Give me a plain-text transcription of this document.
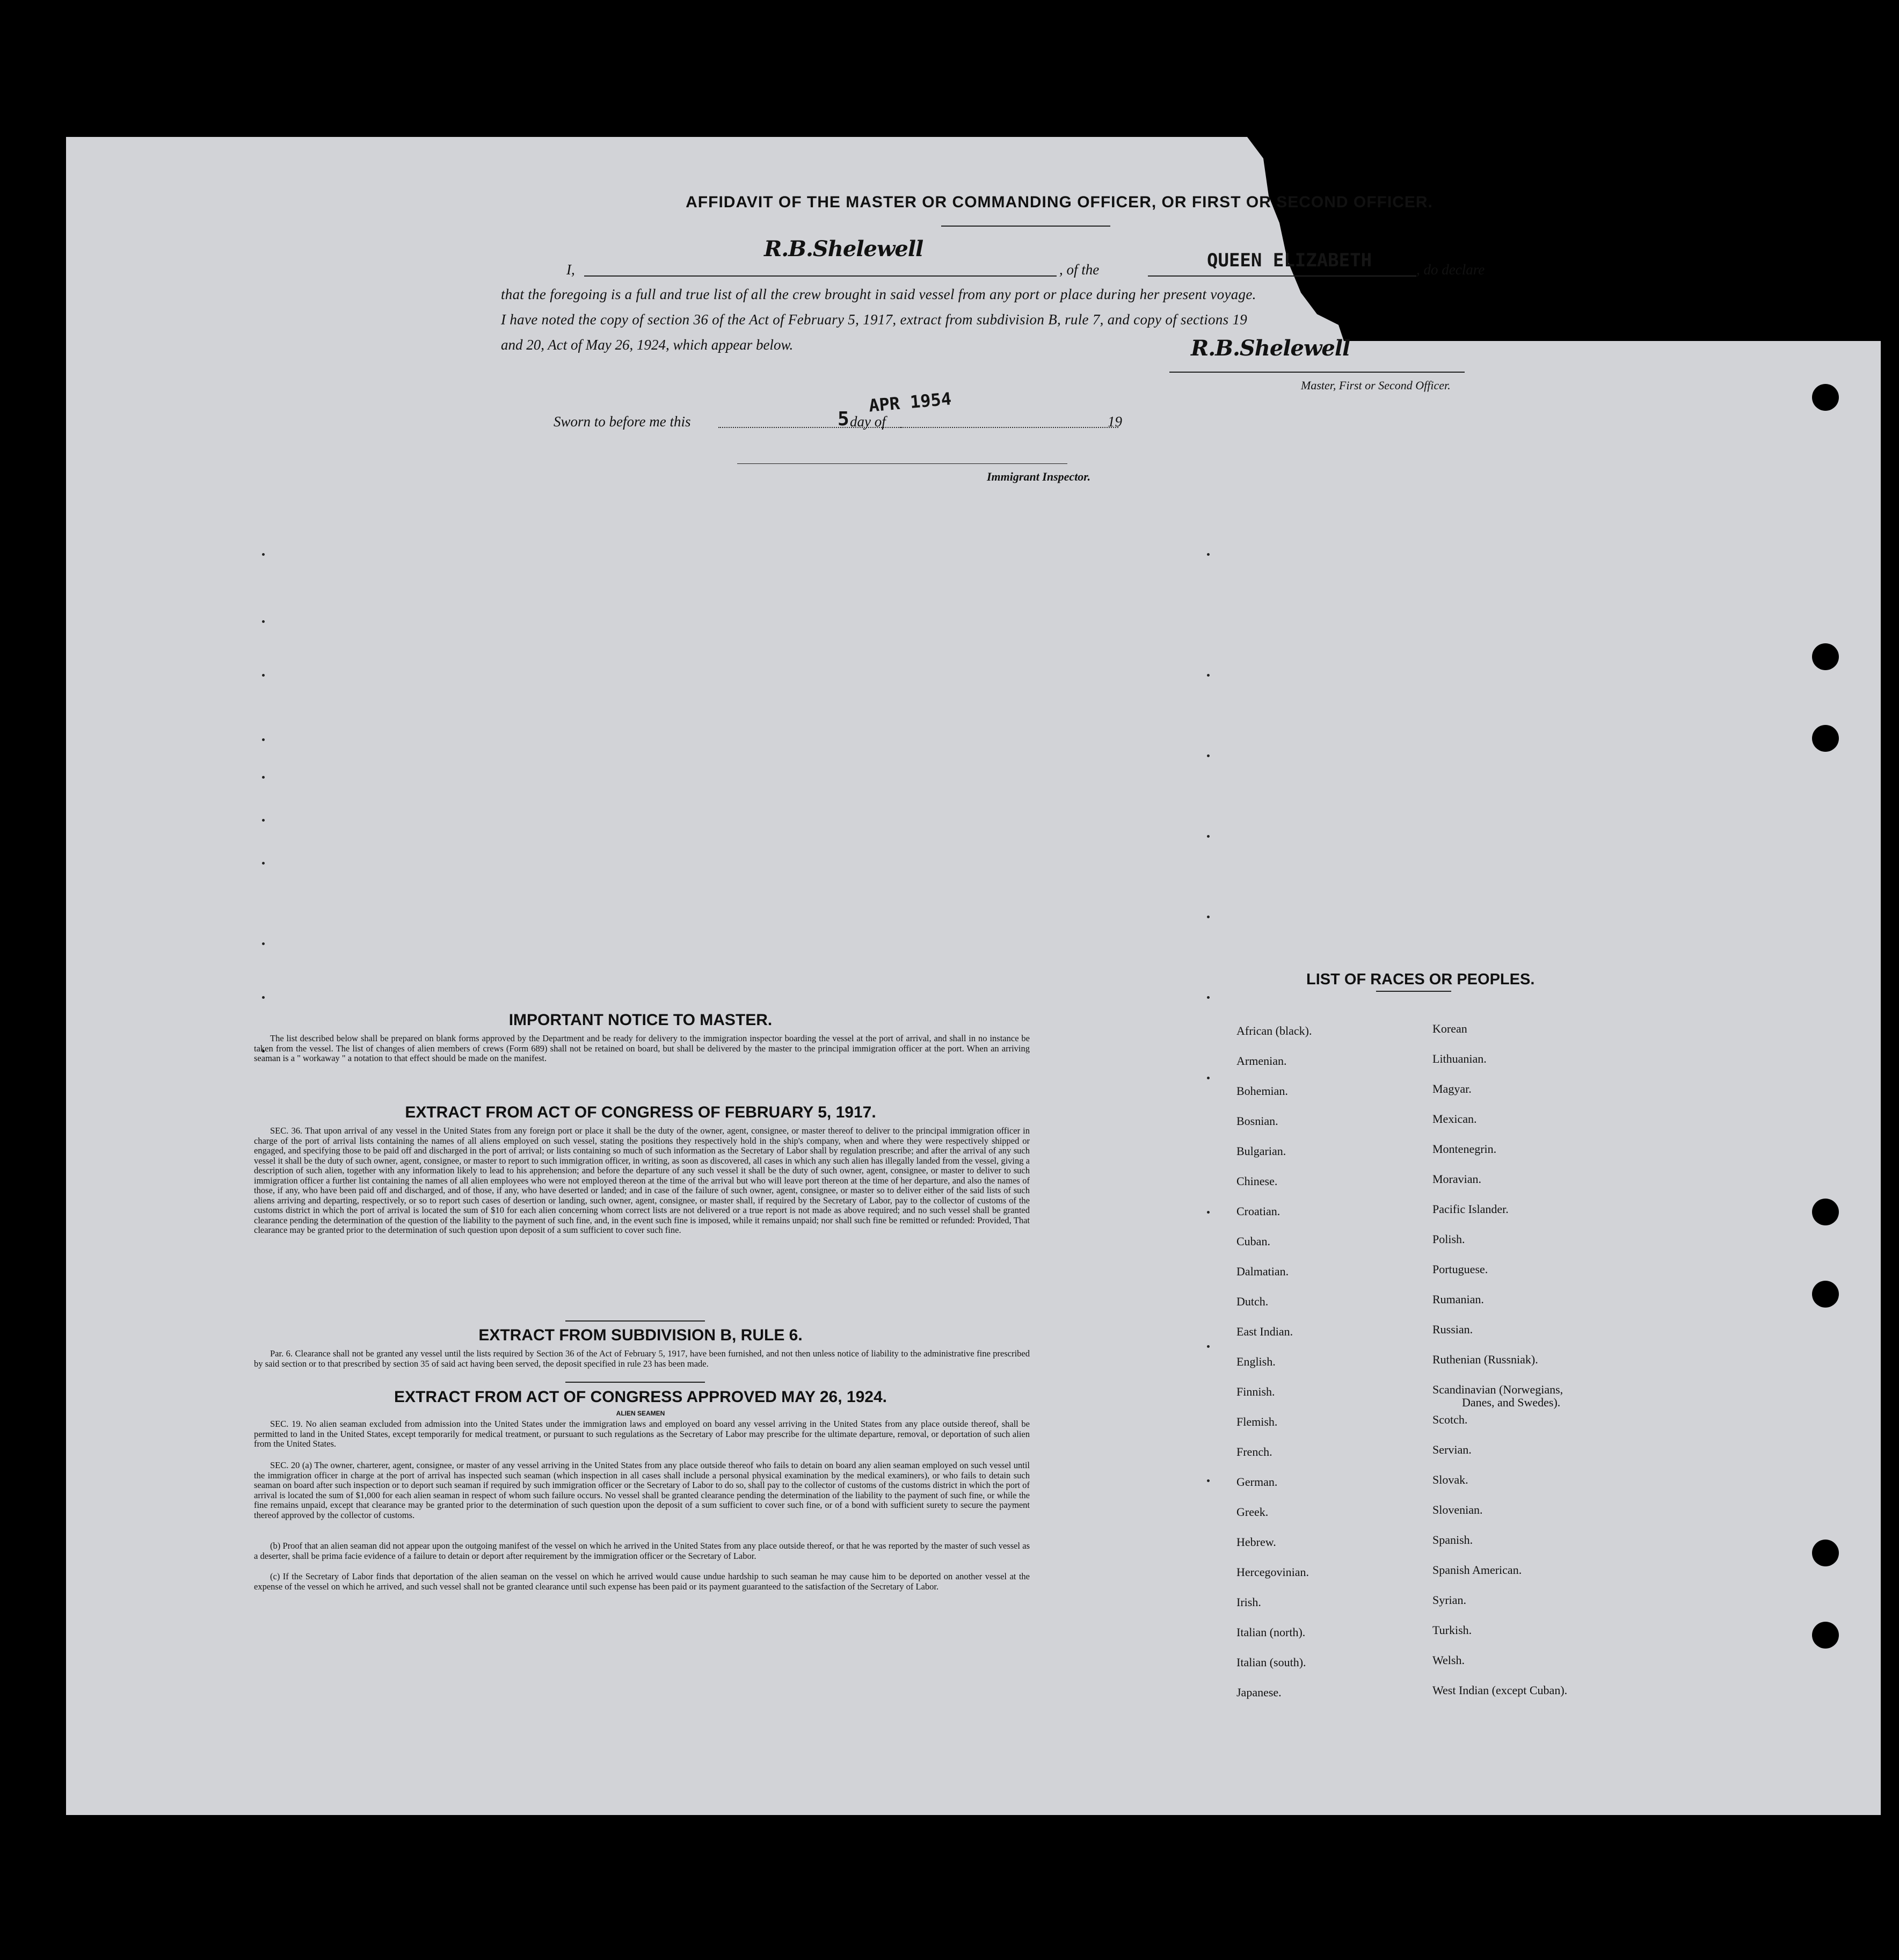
AFFIDAVIT OF THE MASTER OR COMMANDING OFFICER, OR FIRST OR SECOND OFFICER.
I,
R.B.Shelewell
, of the	QUEEN ELIZABETH	, do declare
that the foregoing is a full and true list of all the crew brought in said vessel from any port or place during her present voyage.
I have noted the copy of section 36 of the Act of February 5, 1917, extract from subdivision B, rule 7, and copy of sections 19
and 20, Act of May 26, 1924, which appear below.	R.B.Shelewell
Master, First or Second Officer.
Sworn to before me this	5 day of
APR 1954
19
Immigrant Inspector.
IMPORTANT NOTICE TO MASTER.
The list described below shall be prepared on blank forms approved by the Department and be ready for delivery to the immigration inspector boarding the vessel at the port of arrival, and shall in no instance be taken from the vessel. The list of changes of alien members of crews (Form 689) shall not be retained on board, but shall be delivered by the master to the principal immigration officer at the port. When an arriving seaman is a " workaway " a notation to that effect should be made on the manifest.
EXTRACT FROM ACT OF CONGRESS OF FEBRUARY 5, 1917.
SEC. 36. That upon arrival of any vessel in the United States from any foreign port or place it shall be the duty of the owner, agent, consignee, or master thereof to deliver to the principal immigration officer in charge of the port of arrival lists containing the names of all aliens employed on such vessel, stating the positions they respectively hold in the ship's company, when and where they were respectively shipped or engaged, and specifying those to be paid off and discharged in the port of arrival; or lists containing so much of such information as the Secretary of Labor shall by regulation prescribe; and after the arrival of any such vessel it shall be the duty of such owner, agent, consignee, or master to report to such immigration officer, in writing, as soon as discovered, all cases in which any such alien has illegally landed from the vessel, giving a description of such alien, together with any information likely to lead to his apprehension; and before the departure of any such vessel it shall be the duty of such owner, agent, consignee, or master to deliver to such immigration officer a further list containing the names of all alien employees who were not employed thereon at the time of the arrival but who will leave port thereon at the time of her departure, and also the names of those, if any, who have been paid off and discharged, and of those, if any, who have deserted or landed; and in case of the failure of such owner, agent, consignee, or master so to deliver either of the said lists of such aliens arriving and departing, respectively, or so to report such cases of desertion or landing, such owner, agent, consignee, or master shall, if required by the Secretary of Labor, pay to the collector of customs of the customs district in which the port of arrival is located the sum of $10 for each alien concerning whom correct lists are not delivered or a true report is not made as above required; and no such vessel shall be granted clearance pending the determination of the question of the liability to the payment of such fine, and, in the event such fine is imposed, while it remains unpaid; nor shall such fine be remitted or refunded: Provided, That clearance may be granted prior to the determination of such question upon deposit of a sum sufficient to cover such fine.
EXTRACT FROM SUBDIVISION B, RULE 6.
Par. 6. Clearance shall not be granted any vessel until the lists required by Section 36 of the Act of February 5, 1917, have been furnished, and not then unless notice of liability to the administrative fine prescribed by said section or to that prescribed by section 35 of said act having been served, the deposit specified in rule 23 has been made.
EXTRACT FROM ACT OF CONGRESS APPROVED MAY 26, 1924.
ALIEN SEAMEN
SEC. 19. No alien seaman excluded from admission into the United States under the immigration laws and employed on board any vessel arriving in the United States from any place outside thereof, shall be permitted to land in the United States, except temporarily for medical treatment, or pursuant to such regulations as the Secretary of Labor may prescribe for the ultimate departure, removal, or deportation of such alien from the United States.
SEC. 20 (a) The owner, charterer, agent, consignee, or master of any vessel arriving in the United States from any place outside thereof who fails to detain on board any alien seaman employed on such vessel until the immigration officer in charge at the port of arrival has inspected such seaman (which inspection in all cases shall include a personal physical examination by the medical examiners), or who fails to detain such seaman on board after such inspection or to deport such seaman if required by such immigration officer or the Secretary of Labor to do so, shall pay to the collector of customs of the customs district in which the port of arrival is located the sum of $1,000 for each alien seaman in respect of whom such failure occurs. No vessel shall be granted clearance pending the determination of the liability to the payment of such fine, or while the fine remains unpaid, except that clearance may be granted prior to the determination of such question upon the deposit of a sum sufficient to cover such fine, or of a bond with sufficient surety to secure the payment thereof approved by the collector of customs.
(b) Proof that an alien seaman did not appear upon the outgoing manifest of the vessel on which he arrived in the United States from any place outside thereof, or that he was reported by the master of such vessel as a deserter, shall be prima facie evidence of a failure to detain or deport after requirement by the immigration officer or the Secretary of Labor.
(c) If the Secretary of Labor finds that deportation of the alien seaman on the vessel on which he arrived would cause undue hardship to such seaman he may cause him to be deported on another vessel at the expense of the vessel on which he arrived, and such vessel shall not be granted clearance until such expense has been paid or its payment guaranteed to the satisfaction of the Secretary of Labor.
LIST OF RACES OR PEOPLES.
African (black).
Armenian.
Bohemian.
Bosnian.
Bulgarian.
Chinese.
Croatian.
Cuban.
Dalmatian.
Dutch.
East Indian.
English.
Finnish.
Flemish.
French.
German.
Greek.
Hebrew.
Hercegovinian.
Irish.
Italian (north).
Italian (south).
Japanese.
Korean
Lithuanian.
Magyar.
Mexican.
Montenegrin.
Moravian.
Pacific Islander.
Polish.
Portuguese.
Rumanian.
Russian.
Ruthenian (Russniak).
Scandinavian (Norwegians,
Danes, and Swedes).
Scotch.
Servian.
Slovak.
Slovenian.
Spanish.
Spanish American.
Syrian.
Turkish.
Welsh.
West Indian (except Cuban).
